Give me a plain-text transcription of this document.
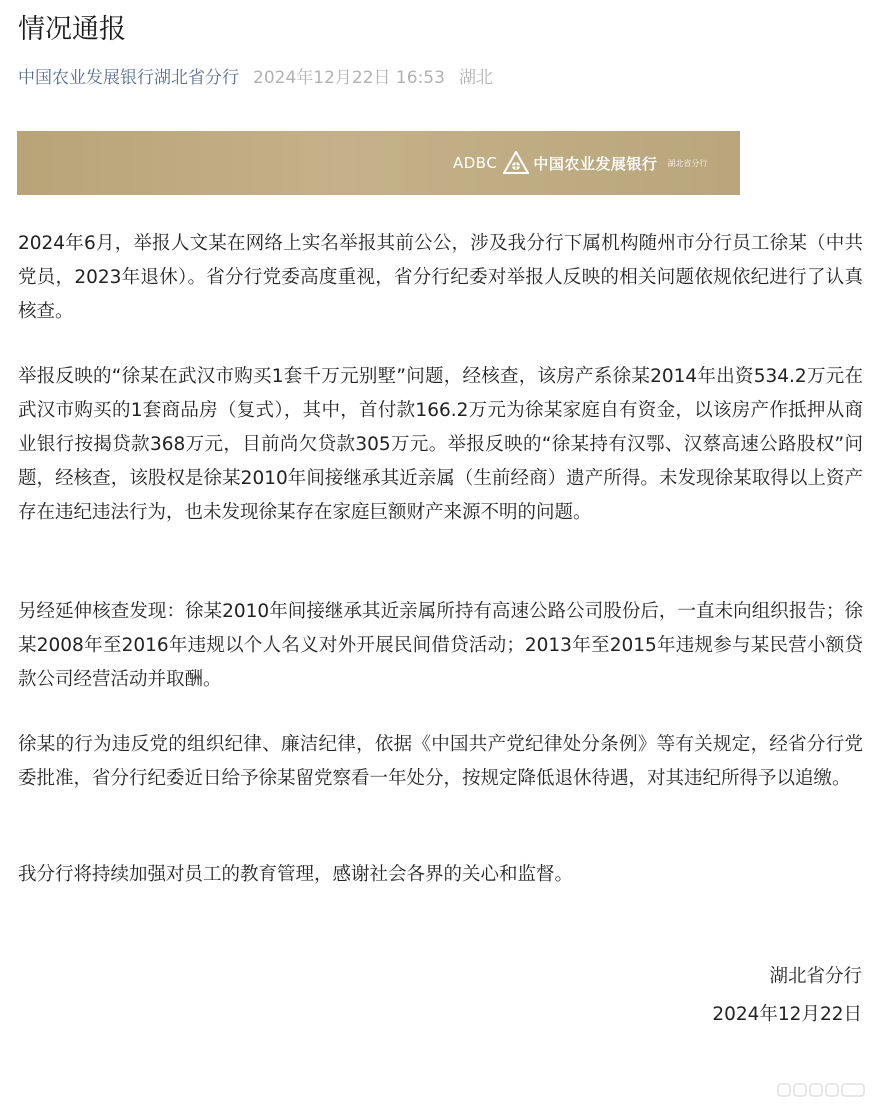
情况通报
中国农业发展银行湖北省分行 2024年12月22日 16:53 湖北
ADBC 中国农业发展银行 湖北省分行

2024年6月，举报人文某在网络上实名举报其前公公，涉及我分行下属机构随州市分行员工徐某（中共党员，2023年退休）。省分行党委高度重视，省分行纪委对举报人反映的相关问题依规依纪进行了认真核查。

举报反映的“徐某在武汉市购买1套千万元别墅”问题，经核查，该房产系徐某2014年出资534.2万元在武汉市购买的1套商品房（复式），其中，首付款166.2万元为徐某家庭自有资金，以该房产作抵押从商业银行按揭贷款368万元，目前尚欠贷款305万元。举报反映的“徐某持有汉鄂、汉蔡高速公路股权”问题，经核查，该股权是徐某2010年间接继承其近亲属（生前经商）遗产所得。未发现徐某取得以上资产存在违纪违法行为，也未发现徐某存在家庭巨额财产来源不明的问题。

另经延伸核查发现：徐某2010年间接继承其近亲属所持有高速公路公司股份后，一直未向组织报告；徐某2008年至2016年违规以个人名义对外开展民间借贷活动；2013年至2015年违规参与某民营小额贷款公司经营活动并取酬。

徐某的行为违反党的组织纪律、廉洁纪律，依据《中国共产党纪律处分条例》等有关规定，经省分行党委批准，省分行纪委近日给予徐某留党察看一年处分，按规定降低退休待遇，对其违纪所得予以追缴。

我分行将持续加强对员工的教育管理，感谢社会各界的关心和监督。

湖北省分行
2024年12月22日
